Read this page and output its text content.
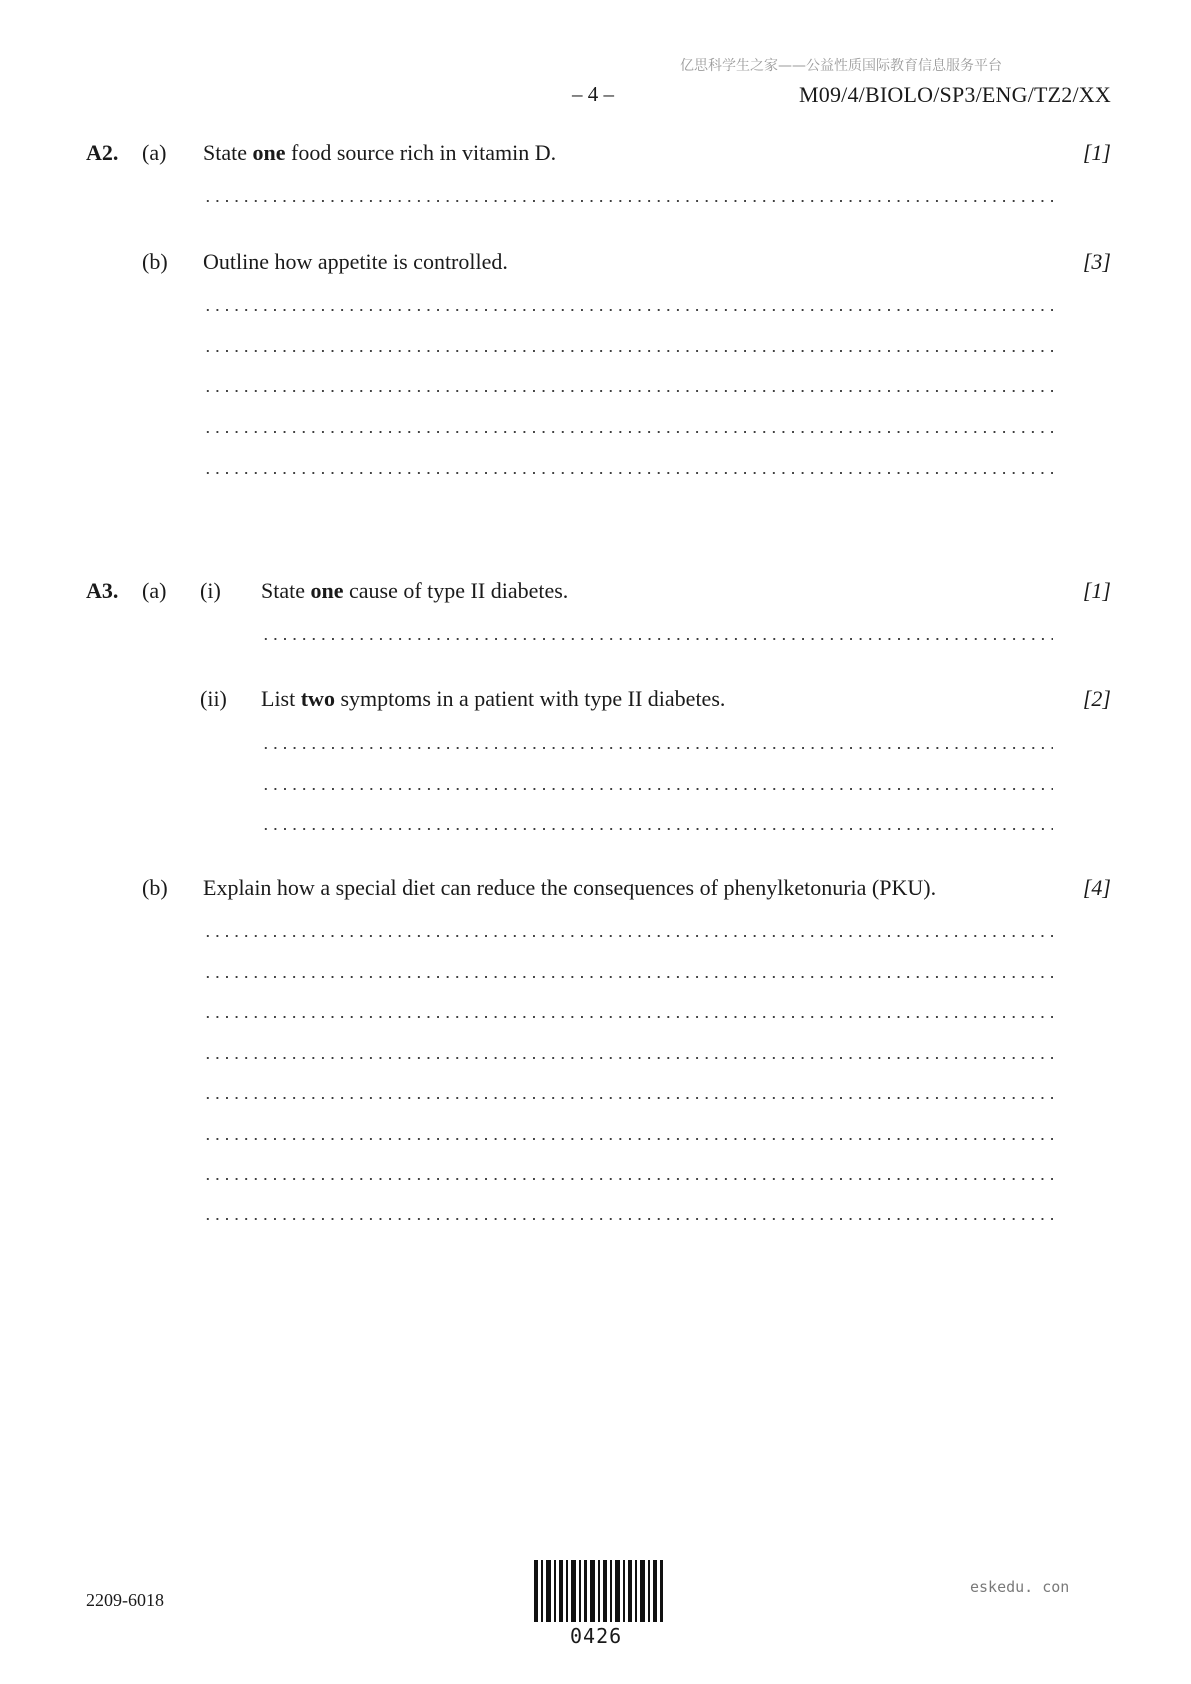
亿思科学生之家——公益性质国际教育信息服务平台
– 4 –	M09/4/BIOLO/SP3/ENG/TZ2/XX
A2. (a) State one food source rich in vitamin D.	[1]
(b) Outline how appetite is controlled.	[3]
A3. (a) (i) State one cause of type II diabetes.	[1]
(ii) List two symptoms in a patient with type II diabetes.	[2]
(b) Explain how a special diet can reduce the consequences of phenylketonuria (PKU).	[4]
2209-6018
0426
eskedu. con
